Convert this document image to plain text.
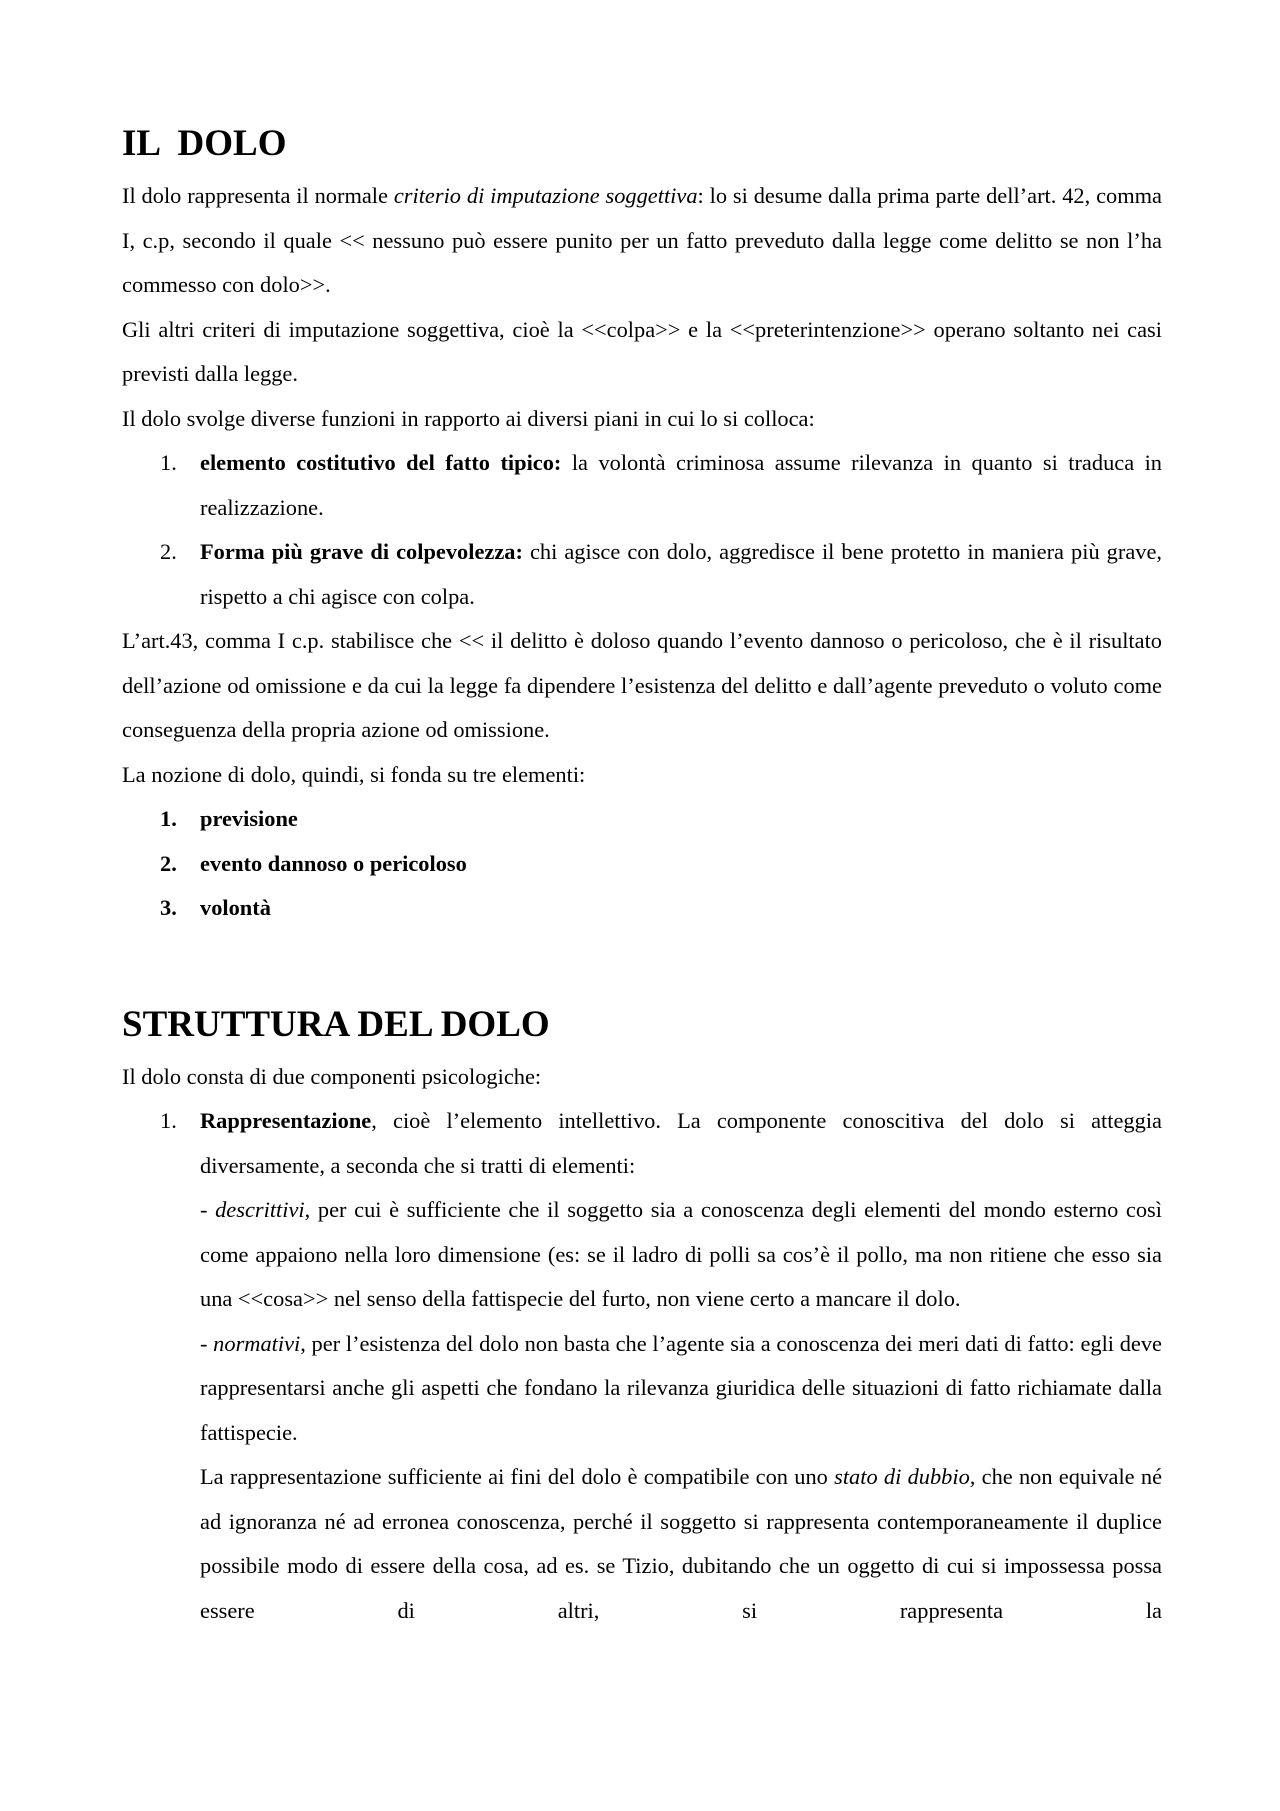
IL  DOLO

Il dolo rappresenta il normale criterio di imputazione soggettiva: lo si desume dalla prima parte dell’art. 42, comma I, c.p, secondo il quale << nessuno può essere punito per un fatto preveduto dalla legge come delitto se non l’ha commesso con dolo>>.

Gli altri criteri di imputazione soggettiva, cioè la <<colpa>> e la <<preterintenzione>> operano soltanto nei casi previsti dalla legge.

Il dolo svolge diverse funzioni in rapporto ai diversi piani in cui lo si colloca:

1. elemento costitutivo del fatto tipico: la volontà criminosa assume rilevanza in quanto si traduca in realizzazione.
2. Forma più grave di colpevolezza: chi agisce con dolo, aggredisce il bene protetto in maniera più grave, rispetto a chi agisce con colpa.

L’art.43, comma I c.p. stabilisce che << il delitto è doloso quando l’evento dannoso o pericoloso, che è il risultato dell’azione od omissione e da cui la legge fa dipendere l’esistenza del delitto e dall’agente preveduto o voluto come conseguenza della propria azione od omissione.

La nozione di dolo, quindi, si fonda su tre elementi:

1. previsione
2. evento dannoso o pericoloso
3. volontà
STRUTTURA DEL DOLO

Il dolo consta di due componenti psicologiche:

1. Rappresentazione, cioè l’elemento intellettivo. La componente conoscitiva del dolo si atteggia diversamente, a seconda che si tratti di elementi:

- descrittivi, per cui è sufficiente che il soggetto sia a conoscenza degli elementi del mondo esterno così come appaiono nella loro dimensione (es: se il ladro di polli sa cos’è il pollo, ma non ritiene che esso sia una <<cosa>> nel senso della fattispecie del furto, non viene certo a mancare il dolo.

- normativi, per l’esistenza del dolo non basta che l’agente sia a conoscenza dei meri dati di fatto: egli deve rappresentarsi anche gli aspetti che fondano la rilevanza giuridica delle situazioni di fatto richiamate dalla fattispecie.

La rappresentazione sufficiente ai fini del dolo è compatibile con uno stato di dubbio, che non equivale né ad ignoranza né ad erronea conoscenza, perché il soggetto si rappresenta contemporaneamente il duplice possibile modo di essere della cosa, ad es. se Tizio, dubitando che un oggetto di cui si impossessa possa essere di altri, si rappresenta la
